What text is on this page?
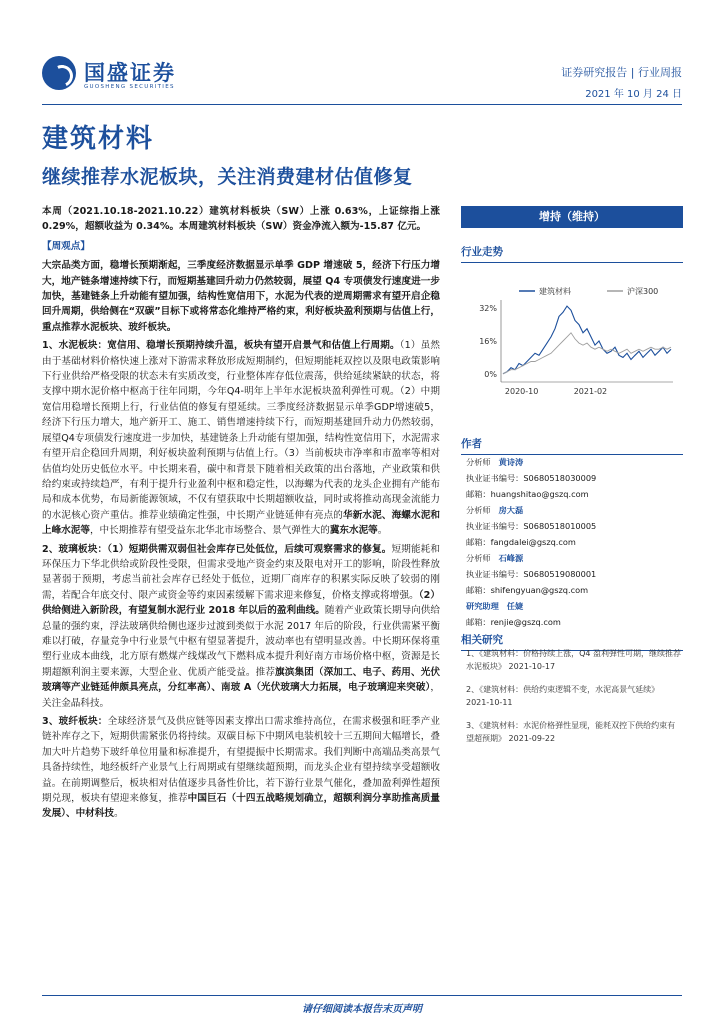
国盛证券
GUOSHENG SECURITIES
证券研究报告 | 行业周报
2021 年 10 月 24 日
建筑材料
继续推荐水泥板块，关注消费建材估值修复

本周（2021.10.18-2021.10.22）建筑材料板块（SW）上涨 0.63%，上证综指上涨 0.29%，超额收益为 0.34%。本周建筑材料板块（SW）资金净流入额为-15.87 亿元。

【周观点】

大宗品类方面，稳增长预期渐起，三季度经济数据显示单季 GDP 增速破 5，经济下行压力增大，地产链条增速持续下行，而短期基建回升动力仍然较弱，展望 Q4 专项债发行速度进一步加快，基建链条上升动能有望加强，结构性宽信用下，水泥为代表的逆周期需求有望开启企稳回升周期，供给侧在“双碳”目标下或将常态化维持严格约束，利好板块盈利预期与估值上行，重点推荐水泥板块、玻纤板块。

1、水泥板块：宽信用、稳增长预期持续升温，板块有望开启景气和估值上行周期。（1）虽然由于基础材料价格快速上涨对下游需求释放形成短期制约，但短期能耗双控以及限电政策影响下行业供给严格受限的状态未有实质改变，行业整体库存低位震荡，供给延续紧缺的状态，将支撑中期水泥价格中枢高于往年同期，今年Q4-明年上半年水泥板块盈利弹性可观。（2）中期宽信用稳增长预期上行，行业估值的修复有望延续。三季度经济数据显示单季GDP增速破5，经济下行压力增大，地产新开工、施工、销售增速持续下行，而短期基建回升动力仍然较弱，展望Q4专项债发行速度进一步加快，基建链条上升动能有望加强，结构性宽信用下，水泥需求有望开启企稳回升周期，利好板块盈利预期与估值上行。（3）当前板块市净率和市盈率等相对估值均处历史低位水平。中长期来看，碳中和背景下随着相关政策的出台落地，产业政策和供给约束或持续趋严，有利于提升行业盈利中枢和稳定性，以海螺为代表的龙头企业拥有产能布局和成本优势，布局新能源领域，不仅有望获取中长期超额收益，同时或将推动高现金流能力的水泥核心资产重估。推荐业绩确定性强，中长期产业链延伸有亮点的华新水泥、海螺水泥和上峰水泥等，中长期推荐有望受益东北华北市场整合、景气弹性大的冀东水泥等。

2、玻璃板块：（1）短期供需双弱但社会库存已处低位，后续可观察需求的修复。短期能耗和环保压力下华北供给或阶段性受限，但需求受地产资金约束及限电对开工的影响，阶段性释放显著弱于预期，考虑当前社会库存已经处于低位，近期厂商库存的积累实际反映了较弱的刚需，若配合年底交付、限产或资金等约束因素缓解下需求迎来修复，价格支撑或将增强。（2）供给侧进入新阶段，有望复制水泥行业 2018 年以后的盈利曲线。随着产业政策长期导向供给总量的强约束，浮法玻璃供给侧也逐步过渡到类似于水泥 2017 年后的阶段，行业供需紧平衡难以打破，存量竞争中行业景气中枢有望显著提升，波动率也有望明显改善。中长期环保将重塑行业成本曲线，北方原有燃煤产线煤改气下燃料成本提升利好南方市场价格中枢，资源是长期超额利润主要来源，大型企业、优质产能受益。推荐旗滨集团（深加工、电子、药用、光伏玻璃等产业链延伸颇具亮点，分红率高）、南玻 A（光伏玻璃大力拓展，电子玻璃迎来突破），关注金晶科技。

3、玻纤板块：全球经济景气及供应链等因素支撑出口需求维持高位，在需求极强和旺季产业链补库存之下，短期供需紧张仍将持续。双碳目标下中期风电装机较十三五期间大幅增长，叠加大叶片趋势下玻纤单位用量和标准提升，有望提振中长期需求。我们判断中高端品类高景气具备持续性，地经板纤产业景气上行周期或有望继续超预期，而龙头企业有望持续享受超额收益。在前期调整后，板块相对估值逐步具备性价比，若下游行业景气催化，叠加盈利弹性超预期兑现，板块有望迎来修复，推荐中国巨石（十四五战略规划确立，超额利润分享助推高质量发展）、中材科技。

增持（维持）
行业走势
建筑材料	沪深300
32%
16%
0%
2020-10	2021-02
作者
分析师 黄诗涛
执业证书编号：S0680518030009
邮箱：huangshitao@gszq.com
分析师 房大磊
执业证书编号：S0680518010005
邮箱：fangdalei@gszq.com
分析师 石峰源
执业证书编号：S0680519080001
邮箱：shifengyuan@gszq.com
研究助理 任婕
邮箱：renjie@gszq.com
相关研究
1、《建筑材料：价格持续上涨，Q4 盈利弹性可期，继续推荐水泥板块》 2021-10-17
2、《建筑材料：供给约束逻辑不变，水泥高景气延续》 2021-10-11
3、《建筑材料：水泥价格弹性显现，能耗双控下供给约束有望超预期》 2021-09-22
请仔细阅读本报告末页声明
